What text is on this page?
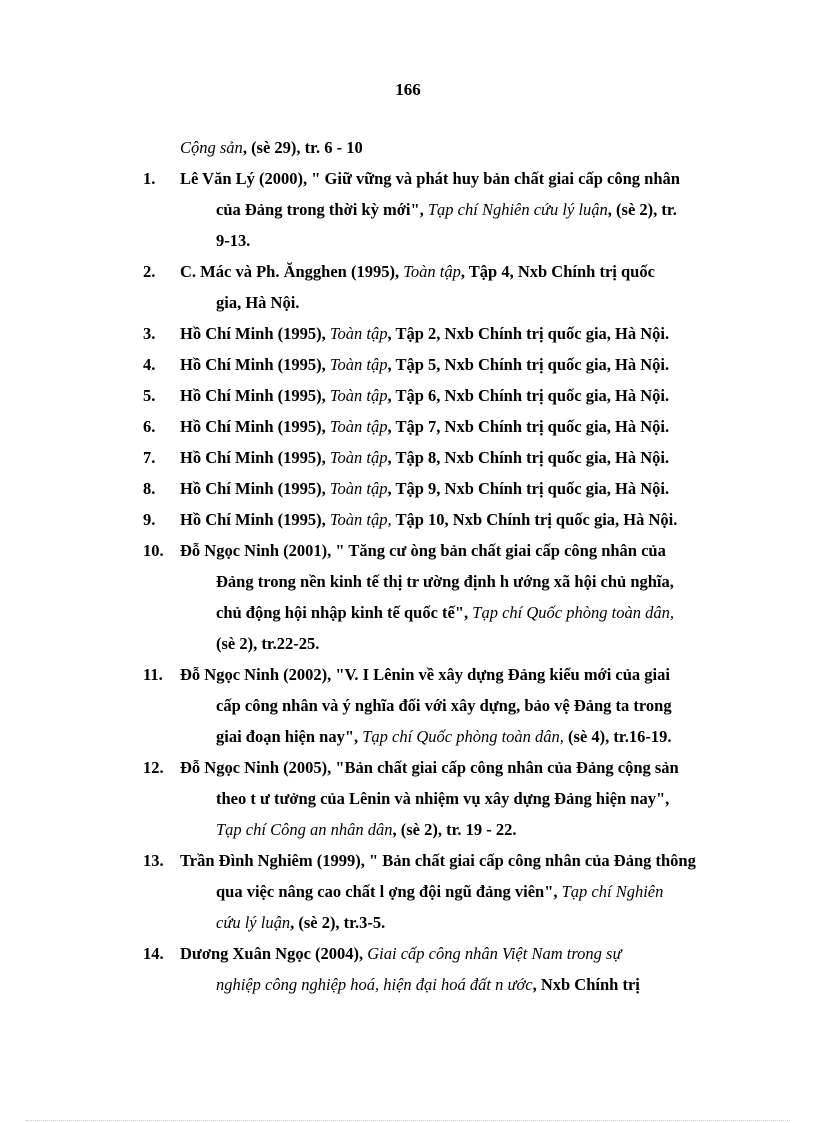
166
Cộng sản, (sè 29), tr. 6 - 10
1.	Lê Văn Lý (2000), " Giữ vững và phát huy bản chất giai cấp công nhân
của Đảng trong thời kỳ mới", Tạp chí Nghiên cứu lý luận, (sè 2), tr.
9-13.
2.	C. Mác và Ph. Ăngghen (1995), Toàn tập, Tập 4, Nxb Chính trị quốc
gia, Hà Nội.
3.	Hồ Chí Minh (1995), Toàn tập, Tập 2, Nxb Chính trị quốc gia, Hà Nội.
4.	Hồ Chí Minh (1995), Toàn tập, Tập 5, Nxb Chính trị quốc gia, Hà Nội.
5.	Hồ Chí Minh (1995), Toàn tập, Tập 6, Nxb Chính trị quốc gia, Hà Nội.
6.	Hồ Chí Minh (1995), Toàn tập, Tập 7, Nxb Chính trị quốc gia, Hà Nội.
7.	Hồ Chí Minh (1995), Toàn tập, Tập 8, Nxb Chính trị quốc gia, Hà Nội.
8.	Hồ Chí Minh (1995), Toàn tập, Tập 9, Nxb Chính trị quốc gia, Hà Nội.
9.	Hồ Chí Minh (1995), Toàn tập, Tập 10, Nxb Chính trị quốc gia, Hà Nội.
10. Đỗ Ngọc Ninh (2001), " Tăng cư òng bản chất giai cấp công nhân của
Đảng trong nền kinh tế thị tr ường định h ướng xã hội chủ nghĩa,
chủ động hội nhập kinh tế quốc tế", Tạp chí Quốc phòng toàn dân,
(sè 2), tr.22-25.
11.	Đỗ Ngọc Ninh (2002), "V. I Lênin về xây dựng Đảng kiểu mới của giai
cấp công nhân và ý nghĩa đối với xây dựng, bảo vệ Đảng ta trong
giai đoạn hiện nay", Tạp chí Quốc phòng toàn dân, (sè 4), tr.16-19.
12. Đỗ Ngọc Ninh (2005), "Bản chất giai cấp công nhân của Đảng cộng sản
theo t ư tưởng của Lênin và nhiệm vụ xây dựng Đảng hiện nay",
Tạp chí Công an nhân dân, (sè 2), tr. 19 - 22.
13. Trần Đình Nghiêm (1999), " Bản chất giai cấp công nhân của Đảng thông
qua việc nâng cao chất l ợng đội ngũ đảng viên", Tạp chí Nghiên
cứu lý luận, (sè 2), tr.3-5.
14. Dương Xuân Ngọc (2004), Giai cấp công nhân Việt Nam trong sự
nghiệp công nghiệp hoá, hiện đại hoá đất n ước, Nxb Chính trị
